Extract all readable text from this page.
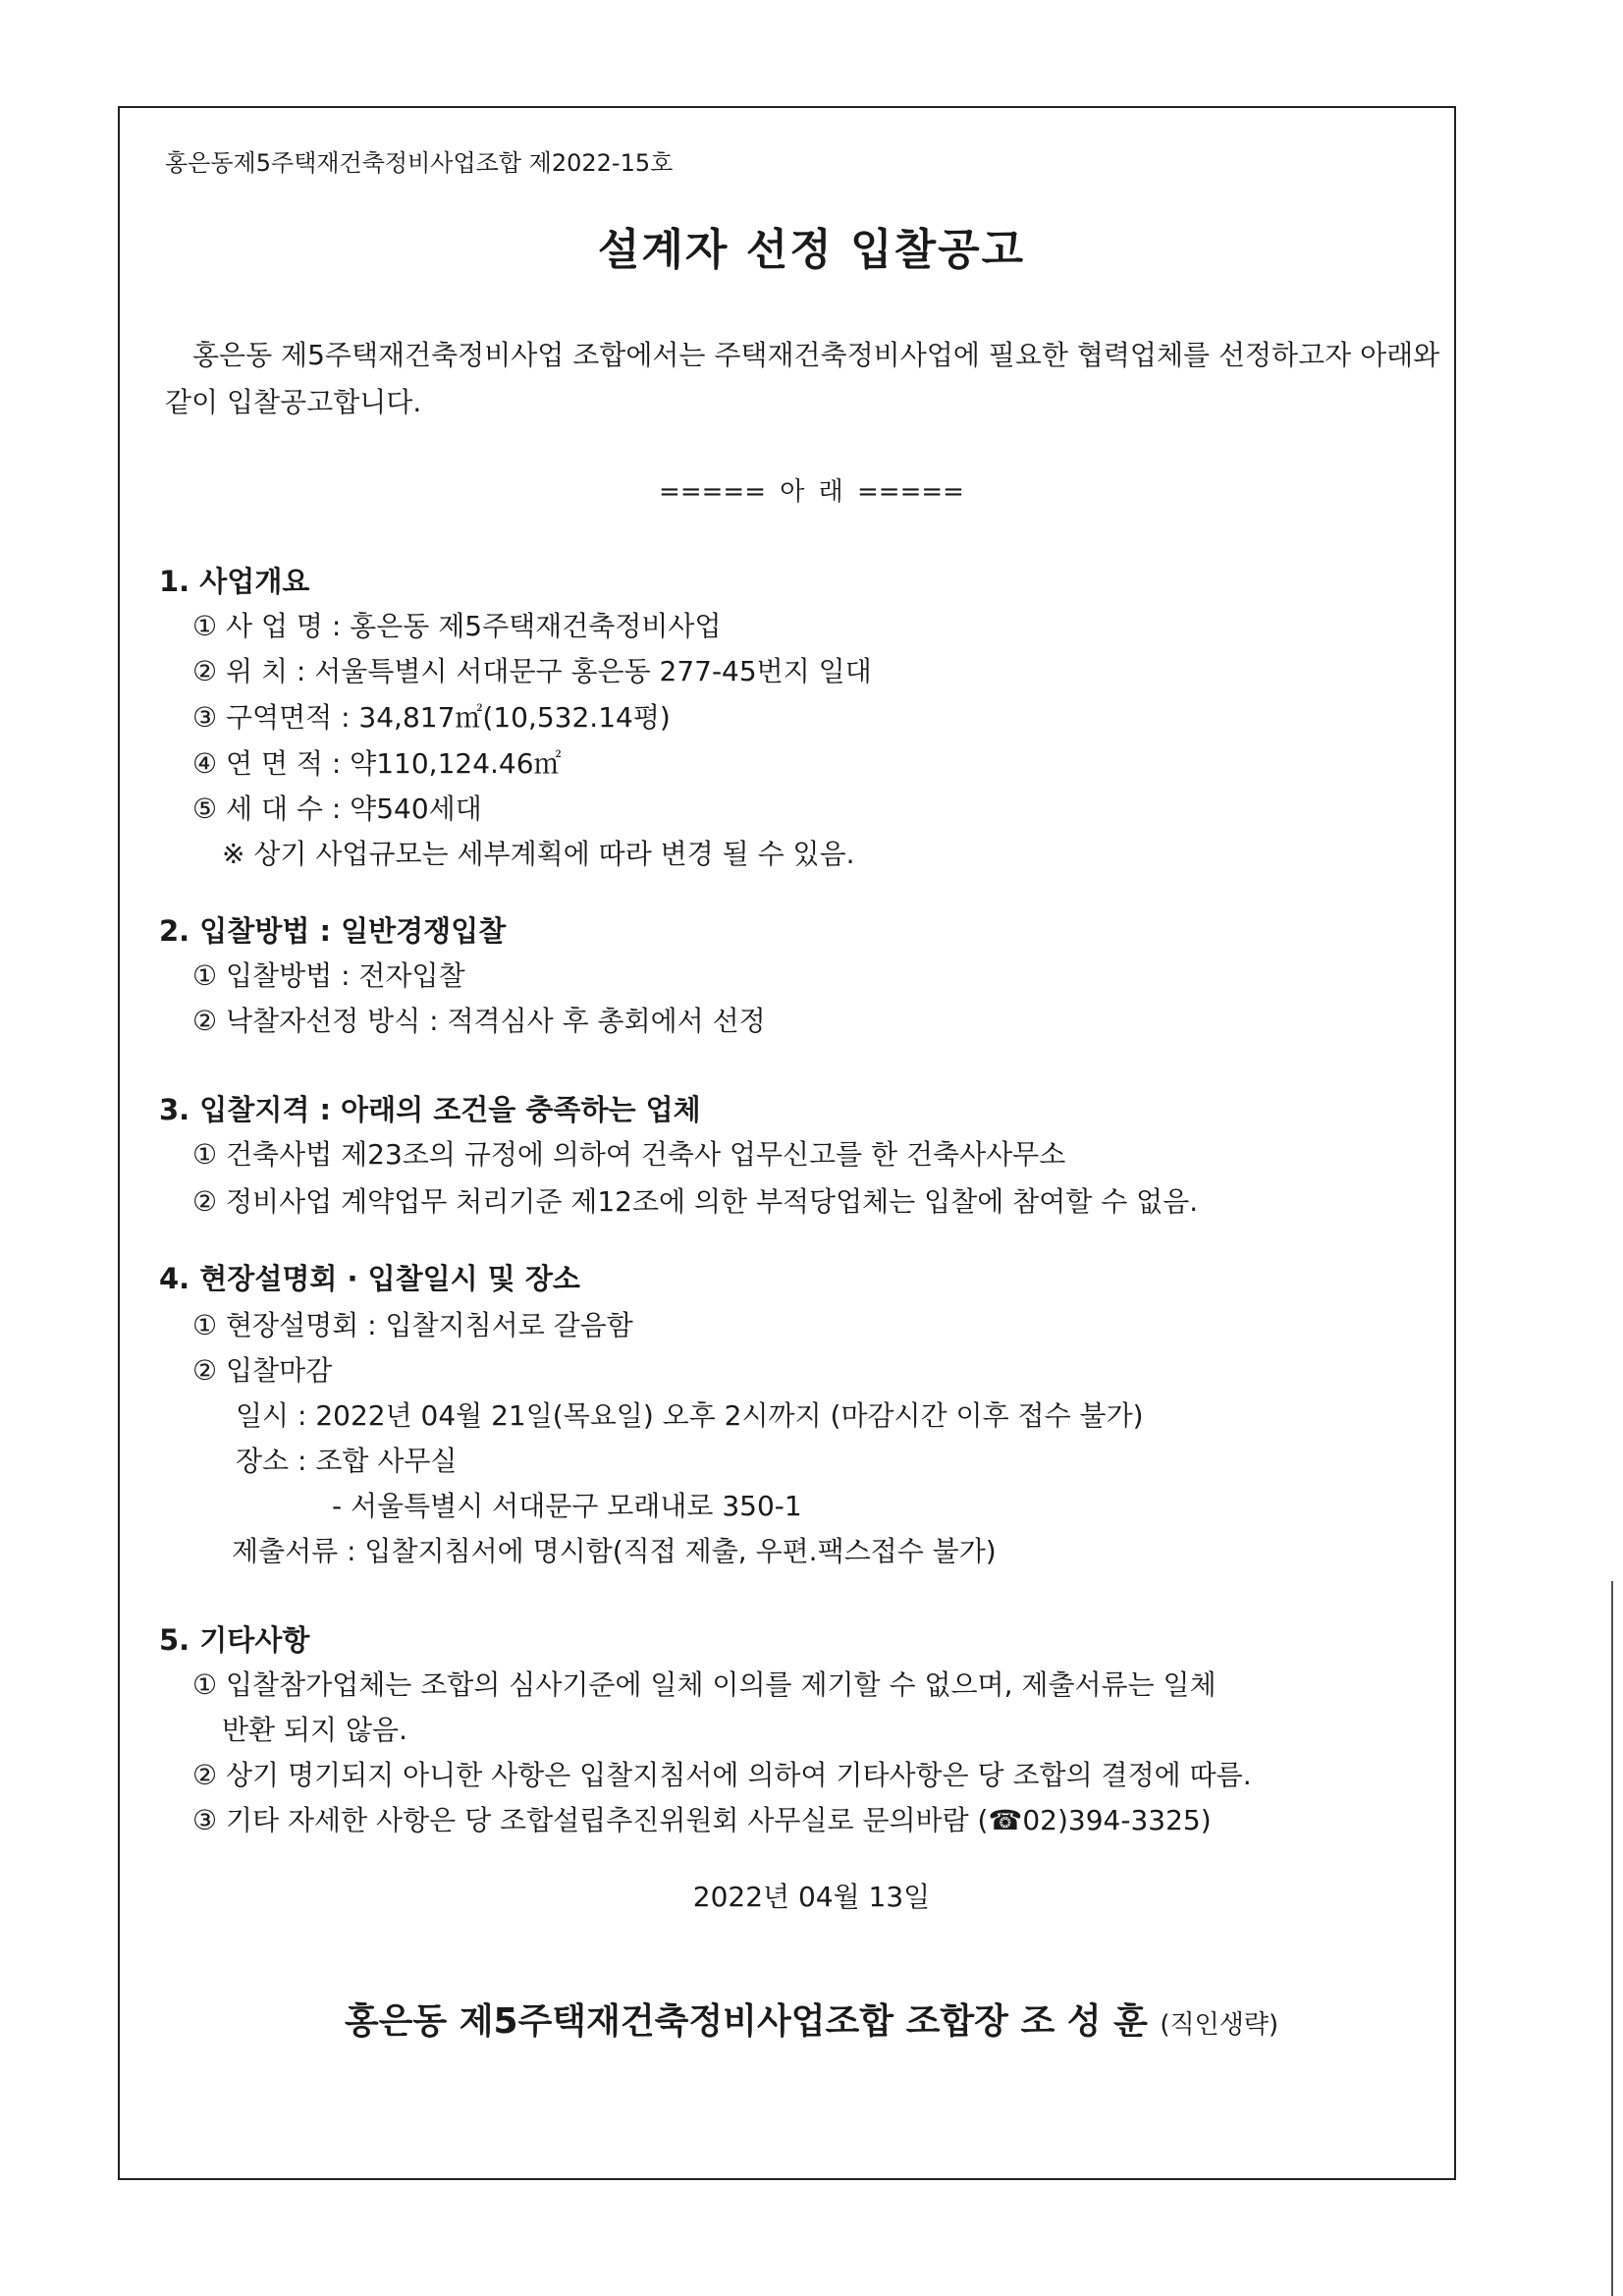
홍은동제5주택재건축정비사업조합 제2022-15호
설계자 선정 입찰공고
홍은동 제5주택재건축정비사업 조합에서는 주택재건축정비사업에 필요한 협력업체를 선정하고자 아래와 같이 입찰공고합니다.
===== 아 래 =====
1. 사업개요
① 사 업 명 : 홍은동 제5주택재건축정비사업
② 위 치 : 서울특별시 서대문구 홍은동 277-45번지 일대
③ 구역면적 : 34,817㎡(10,532.14평)
④ 연 면 적 : 약110,124.46㎡
⑤ 세 대 수 : 약540세대
※ 상기 사업규모는 세부계획에 따라 변경 될 수 있음.
2. 입찰방법 : 일반경쟁입찰
① 입찰방법 : 전자입찰
② 낙찰자선정 방식 : 적격심사 후 총회에서 선정
3. 입찰지격 : 아래의 조건을 충족하는 업체
① 건축사법 제23조의 규정에 의하여 건축사 업무신고를 한 건축사사무소
② 정비사업 계약업무 처리기준 제12조에 의한 부적당업체는 입찰에 참여할 수 없음.
4. 현장설명회 · 입찰일시 및 장소
① 현장설명회 : 입찰지침서로 갈음함
② 입찰마감
일시 : 2022년 04월 21일(목요일) 오후 2시까지 (마감시간 이후 접수 불가)
장소 : 조합 사무실
- 서울특별시 서대문구 모래내로 350-1
제출서류 : 입찰지침서에 명시함(직접 제출, 우편.팩스접수 불가)
5. 기타사항
① 입찰참가업체는 조합의 심사기준에 일체 이의를 제기할 수 없으며, 제출서류는 일체
반환 되지 않음.
② 상기 명기되지 아니한 사항은 입찰지침서에 의하여 기타사항은 당 조합의 결정에 따름.
③ 기타 자세한 사항은 당 조합설립추진위원회 사무실로 문의바람 (☎02)394-3325)
2022년 04월 13일
홍은동 제5주택재건축정비사업조합 조합장 조 성 훈 (직인생략)
